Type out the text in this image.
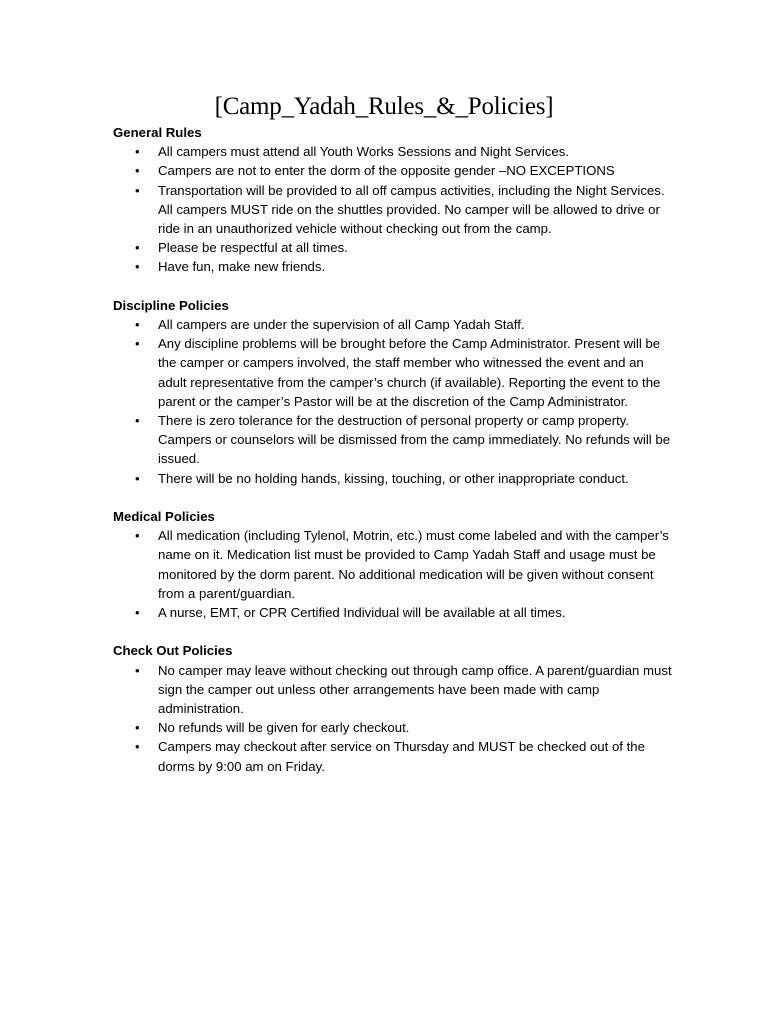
[Camp_Yadah_Rules_&_Policies]
General Rules
• All campers must attend all Youth Works Sessions and Night Services.
• Campers are not to enter the dorm of the opposite gender –NO EXCEPTIONS
• Transportation will be provided to all off campus activities, including the Night Services. All campers MUST ride on the shuttles provided. No camper will be allowed to drive or ride in an unauthorized vehicle without checking out from the camp.
• Please be respectful at all times.
• Have fun, make new friends.
Discipline Policies
• All campers are under the supervision of all Camp Yadah Staff.
• Any discipline problems will be brought before the Camp Administrator. Present will be the camper or campers involved, the staff member who witnessed the event and an adult representative from the camper’s church (if available). Reporting the event to the parent or the camper’s Pastor will be at the discretion of the Camp Administrator.
• There is zero tolerance for the destruction of personal property or camp property. Campers or counselors will be dismissed from the camp immediately. No refunds will be issued.
• There will be no holding hands, kissing, touching, or other inappropriate conduct.
Medical Policies
• All medication (including Tylenol, Motrin, etc.) must come labeled and with the camper’s name on it. Medication list must be provided to Camp Yadah Staff and usage must be monitored by the dorm parent. No additional medication will be given without consent from a parent/guardian.
• A nurse, EMT, or CPR Certified Individual will be available at all times.
Check Out Policies
• No camper may leave without checking out through camp office. A parent/guardian must sign the camper out unless other arrangements have been made with camp administration.
• No refunds will be given for early checkout.
• Campers may checkout after service on Thursday and MUST be checked out of the dorms by 9:00 am on Friday.
